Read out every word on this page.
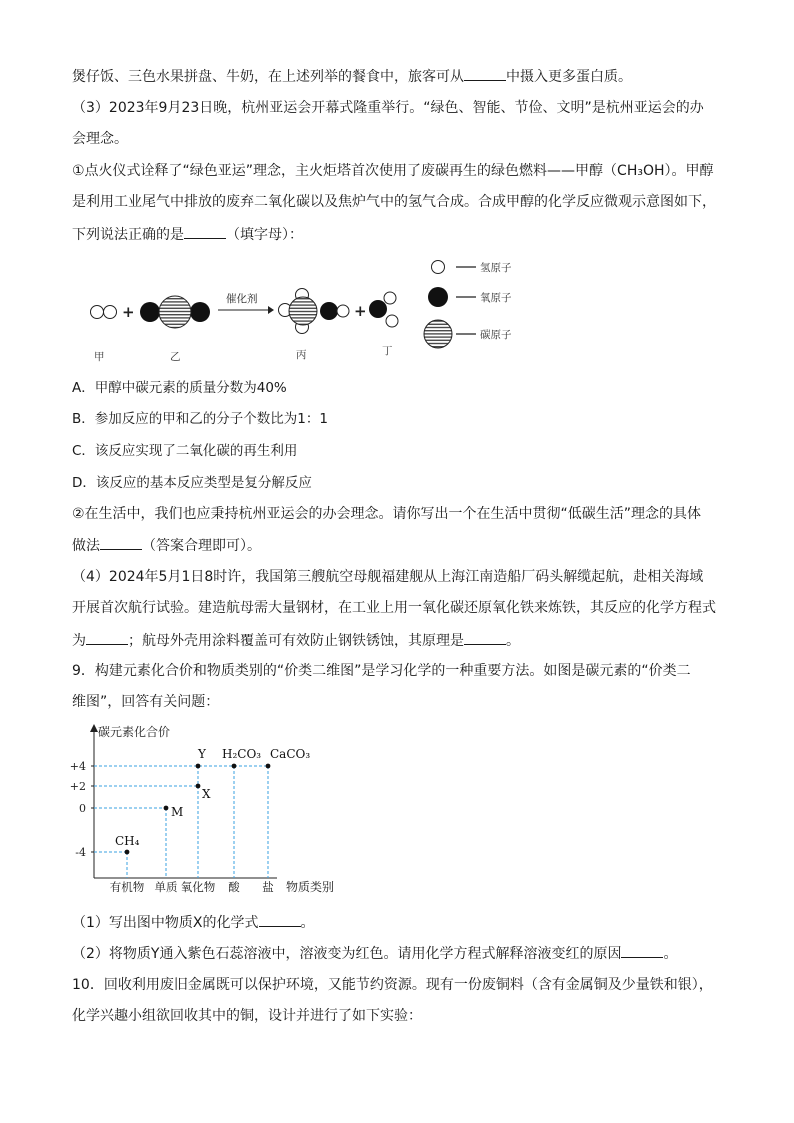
煲仔饭、三色水果拼盘、牛奶，在上述列举的餐食中，旅客可从	中摄入更多蛋白质。
（3）2023年9月23日晚，杭州亚运会开幕式隆重举行。“绿色、智能、节俭、文明”是杭州亚运会的办
会理念。
①点火仪式诠释了“绿色亚运”理念，主火炬塔首次使用了废碳再生的绿色燃料——甲醇（CH₃OH）。甲醇
是利用工业尾气中排放的废弃二氧化碳以及焦炉气中的氢气合成。合成甲醇的化学反应微观示意图如下，
下列说法正确的是	（填字母）：
+
催化剂
+
甲	乙	丙	丁
氢原子
氧原子
碳原子
A．甲醇中碳元素的质量分数为40%
B．参加反应的甲和乙的分子个数比为1：1
C．该反应实现了二氧化碳的再生利用
D．该反应的基本反应类型是复分解反应
②在生活中，我们也应秉持杭州亚运会的办会理念。请你写出一个在生活中贯彻“低碳生活”理念的具体
做法	（答案合理即可）。
（4）2024年5月1日8时许，我国第三艘航空母舰福建舰从上海江南造船厂码头解缆起航，赴相关海域
开展首次航行试验。建造航母需大量钢材，在工业上用一氧化碳还原氧化铁来炼铁，其反应的化学方程式
为	；航母外壳用涂料覆盖可有效防止钢铁锈蚀，其原理是	。
9．构建元素化合价和物质类别的“价类二维图”是学习化学的一种重要方法。如图是碳元素的“价类二
维图”，回答有关问题：
碳元素化合价
物质类别
+4
+2
0
-4
有机物 单质 氧化物 酸 盐
CH₄
M
X
Y H₂CO₃ CaCO₃
（1）写出图中物质X的化学式	。
（2）将物质Y通入紫色石蕊溶液中，溶液变为红色。请用化学方程式解释溶液变红的原因	。
10．回收利用废旧金属既可以保护环境，又能节约资源。现有一份废铜料（含有金属铜及少量铁和银），
化学兴趣小组欲回收其中的铜，设计并进行了如下实验：
